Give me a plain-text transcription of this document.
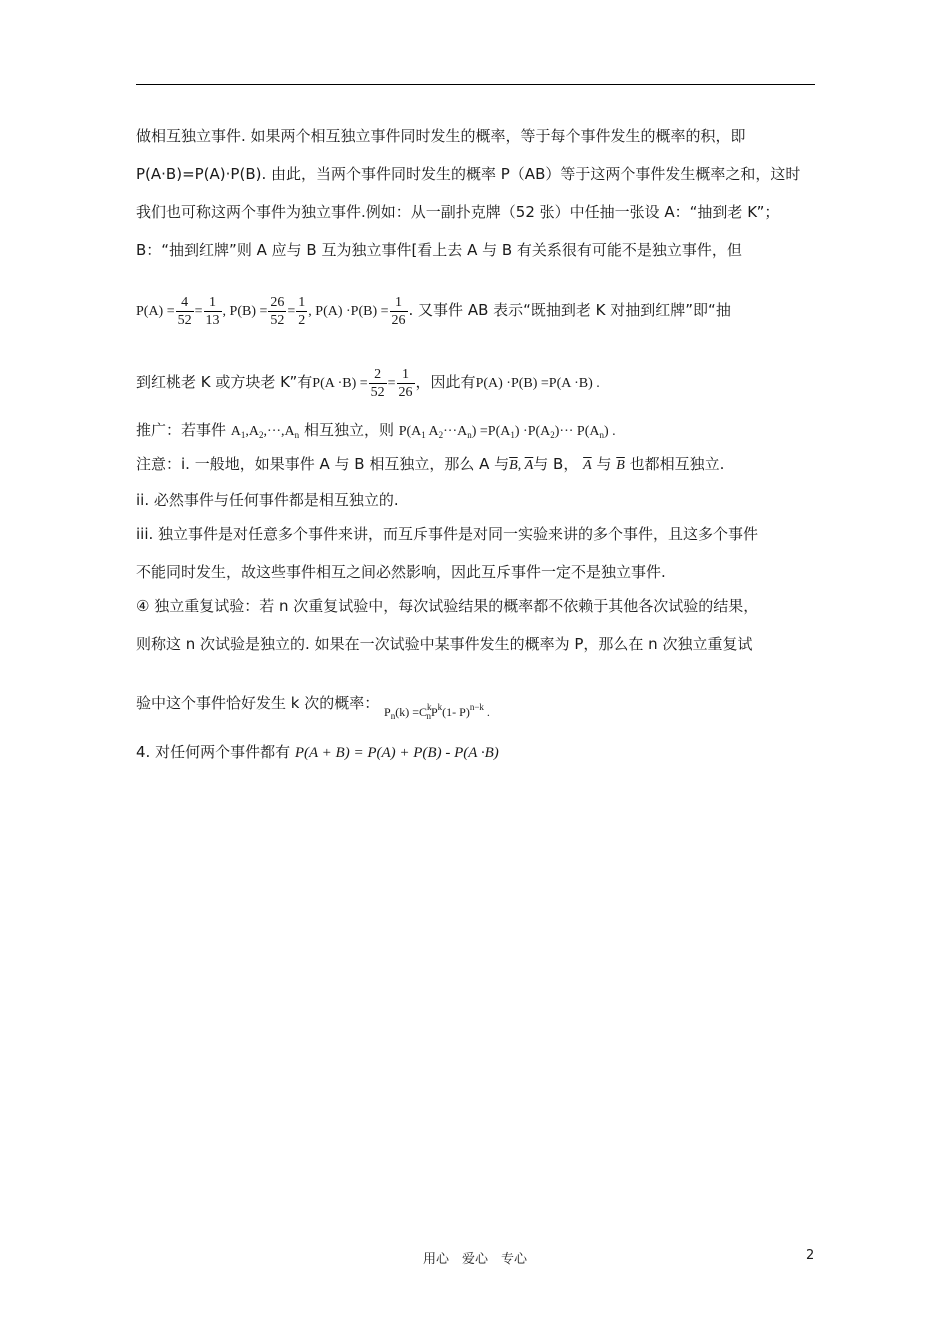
做相互独立事件. 如果两个相互独立事件同时发生的概率，等于每个事件发生的概率的积，即
P(A·B)=P(A)·P(B). 由此，当两个事件同时发生的概率 P（AB）等于这两个事件发生概率之和，这时
我们也可称这两个事件为独立事件.例如：从一副扑克牌（52 张）中任抽一张设 A：“抽到老 K”；
B：“抽到红牌”则 A 应与 B 互为独立事件[看上去 A 与 B 有关系很有可能不是独立事件，但
$P(A) = \frac{4}{52} = \frac{1}{13}$ , $P(B) = \frac{26}{52} = \frac{1}{2}$ , $P(A) \cdot P(B) = \frac{1}{26}$ . 又事件 AB 表示“既抽到老 K 对抽到红牌”即“抽
到红桃老 K 或方块老 K”有$P(A \cdot B) = \frac{2}{52} = \frac{1}{26}$ ，因此有P(A) ·P(B) =P(A ·B) .
推广：若事件 $A_1,A_2,\cdot\cdot\cdot,A_n$ 相互独立，则 $P(A_1$ $A_2\cdot\cdot\cdot A_n) =P(A_1) \cdot P(A_2)\cdot\cdot\cdot P(A_n)$ .
注意：i. 一般地，如果事件 A 与 B 相互独立，那么 A 与$\overline{B}$, $\overline{A}$与 B， $\overline{A}$ 与 $\overline{B}$ 也都相互独立.
ii. 必然事件与任何事件都是相互独立的.
iii. 独立事件是对任意多个事件来讲，而互斥事件是对同一实验来讲的多个事件，且这多个事件
不能同时发生，故这些事件相互之间必然影响，因此互斥事件一定不是独立事件.
④ 独立重复试验：若 n 次重复试验中，每次试验结果的概率都不依赖于其他各次试验的结果，
则称这 n 次试验是独立的. 如果在一次试验中某事件发生的概率为 P，那么在 n 次独立重复试
验中这个事件恰好发生 k 次的概率： $_{P_n(k) =C^k_nP^k(1- P)^{n-k} .}$
4. 对任何两个事件都有 P(A + B) = P(A) + P(B) - P(A ·B)
用心　爱心　专心	2
